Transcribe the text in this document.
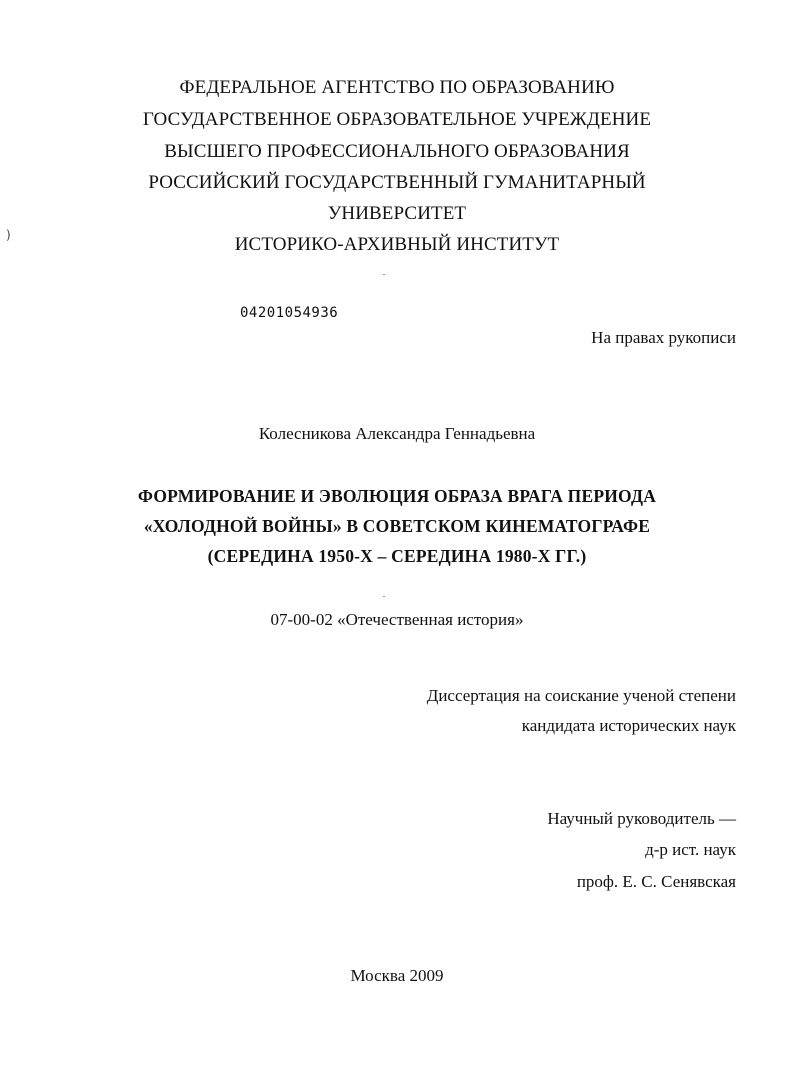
)
ФЕДЕРАЛЬНОЕ АГЕНТСТВО ПО ОБРАЗОВАНИЮ
ГОСУДАРСТВЕННОЕ ОБРАЗОВАТЕЛЬНОЕ УЧРЕЖДЕНИЕ
ВЫСШЕГО ПРОФЕССИОНАЛЬНОГО ОБРАЗОВАНИЯ
РОССИЙСКИЙ ГОСУДАРСТВЕННЫЙ ГУМАНИТАРНЫЙ
УНИВЕРСИТЕТ
ИСТОРИКО-АРХИВНЫЙ ИНСТИТУТ
04201054936
На правах рукописи
Колесникова Александра Геннадьевна
ФОРМИРОВАНИЕ И ЭВОЛЮЦИЯ ОБРАЗА ВРАГА ПЕРИОДА
«ХОЛОДНОЙ ВОЙНЫ» В СОВЕТСКОМ КИНЕМАТОГРАФЕ
(СЕРЕДИНА 1950-Х – СЕРЕДИНА 1980-Х ГГ.)
07-00-02 «Отечественная история»
Диссертация на соискание ученой степени
кандидата исторических наук
Научный руководитель —
д-р ист. наук
проф. Е. С. Сенявская
Москва 2009
